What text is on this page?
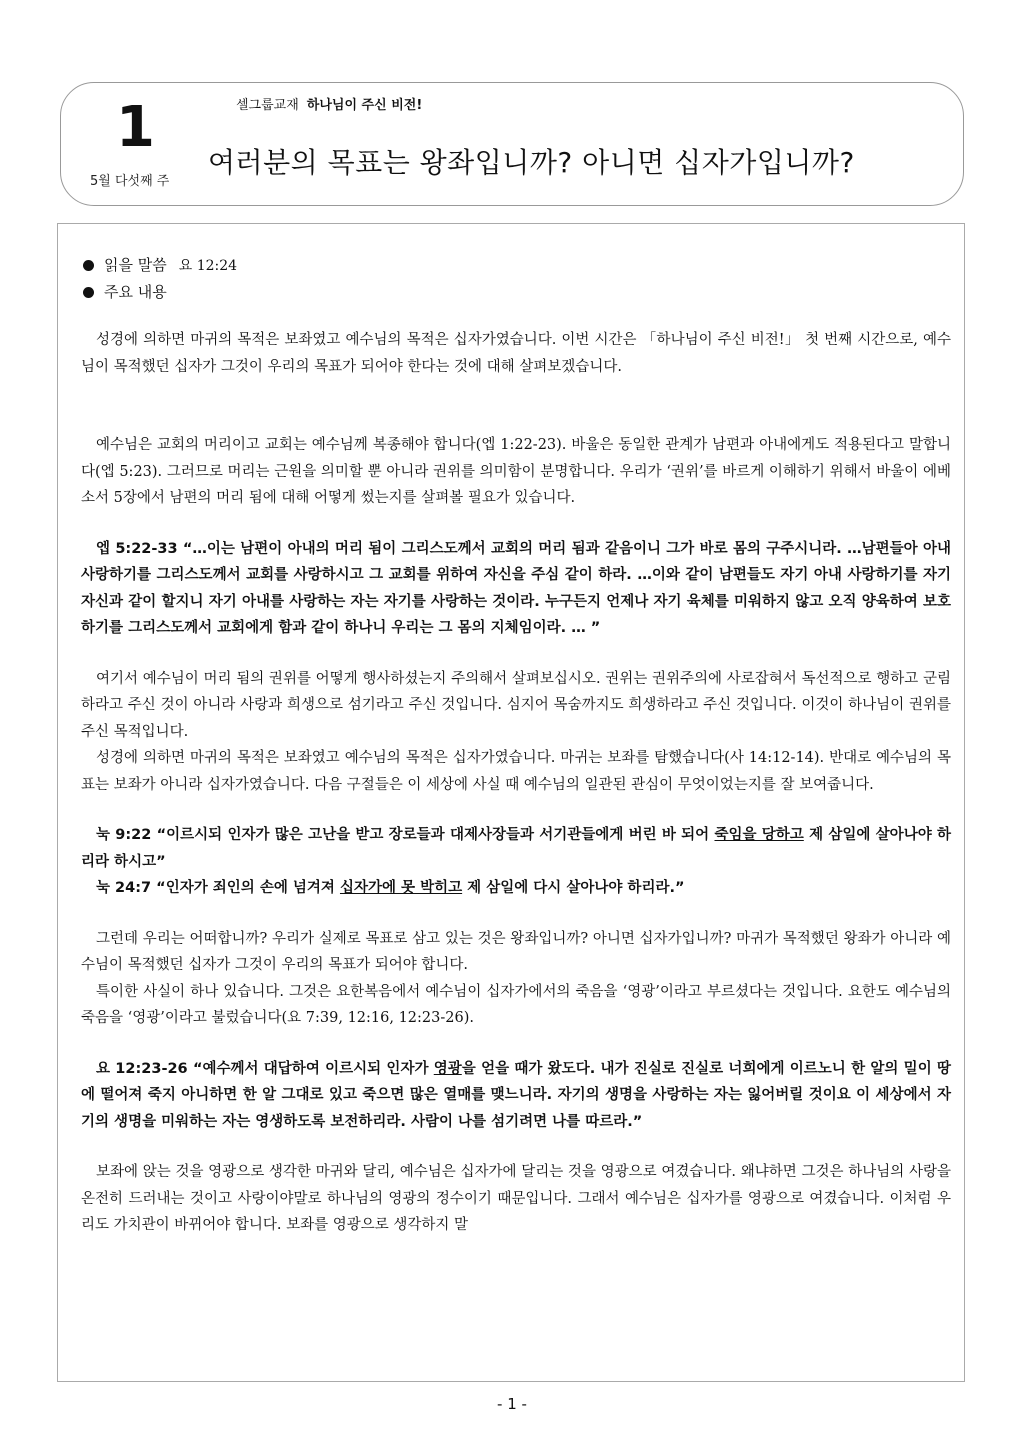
1
5월 다섯째 주
셀그룹교재 하나님이 주신 비전!
여러분의 목표는 왕좌입니까? 아니면 십자가입니까?
읽을 말씀 요 12:24
주요 내용

성경에 의하면 마귀의 목적은 보좌였고 예수님의 목적은 십자가였습니다. 이번 시간은 「하나님이 주신 비전!」 첫 번째 시간으로, 예수님이 목적했던 십자가 그것이 우리의 목표가 되어야 한다는 것에 대해 살펴보겠습니다.

예수님은 교회의 머리이고 교회는 예수님께 복종해야 합니다(엡 1:22-23). 바울은 동일한 관계가 남편과 아내에게도 적용된다고 말합니다(엡 5:23). 그러므로 머리는 근원을 의미할 뿐 아니라 권위를 의미함이 분명합니다. 우리가 ‘권위’를 바르게 이해하기 위해서 바울이 에베소서 5장에서 남편의 머리 됨에 대해 어떻게 썼는지를 살펴볼 필요가 있습니다.

엡 5:22-33 “…이는 남편이 아내의 머리 됨이 그리스도께서 교회의 머리 됨과 같음이니 그가 바로 몸의 구주시니라. …남편들아 아내 사랑하기를 그리스도께서 교회를 사랑하시고 그 교회를 위하여 자신을 주심 같이 하라. …이와 같이 남편들도 자기 아내 사랑하기를 자기 자신과 같이 할지니 자기 아내를 사랑하는 자는 자기를 사랑하는 것이라. 누구든지 언제나 자기 육체를 미워하지 않고 오직 양육하여 보호하기를 그리스도께서 교회에게 함과 같이 하나니 우리는 그 몸의 지체임이라. … ”

여기서 예수님이 머리 됨의 권위를 어떻게 행사하셨는지 주의해서 살펴보십시오. 권위는 권위주의에 사로잡혀서 독선적으로 행하고 군림하라고 주신 것이 아니라 사랑과 희생으로 섬기라고 주신 것입니다. 심지어 목숨까지도 희생하라고 주신 것입니다. 이것이 하나님이 권위를 주신 목적입니다.

성경에 의하면 마귀의 목적은 보좌였고 예수님의 목적은 십자가였습니다. 마귀는 보좌를 탐했습니다(사 14:12-14). 반대로 예수님의 목표는 보좌가 아니라 십자가였습니다. 다음 구절들은 이 세상에 사실 때 예수님의 일관된 관심이 무엇이었는지를 잘 보여줍니다.

눅 9:22 “이르시되 인자가 많은 고난을 받고 장로들과 대제사장들과 서기관들에게 버린 바 되어 죽임을 당하고 제 삼일에 살아나야 하리라 하시고”

눅 24:7 “인자가 죄인의 손에 넘겨져 십자가에 못 박히고 제 삼일에 다시 살아나야 하리라.”

그런데 우리는 어떠합니까? 우리가 실제로 목표로 삼고 있는 것은 왕좌입니까? 아니면 십자가입니까? 마귀가 목적했던 왕좌가 아니라 예수님이 목적했던 십자가 그것이 우리의 목표가 되어야 합니다.

특이한 사실이 하나 있습니다. 그것은 요한복음에서 예수님이 십자가에서의 죽음을 ‘영광’이라고 부르셨다는 것입니다. 요한도 예수님의 죽음을 ‘영광’이라고 불렀습니다(요 7:39, 12:16, 12:23-26).

요 12:23-26 “예수께서 대답하여 이르시되 인자가 영광을 얻을 때가 왔도다. 내가 진실로 진실로 너희에게 이르노니 한 알의 밀이 땅에 떨어져 죽지 아니하면 한 알 그대로 있고 죽으면 많은 열매를 맺느니라. 자기의 생명을 사랑하는 자는 잃어버릴 것이요 이 세상에서 자기의 생명을 미워하는 자는 영생하도록 보전하리라. 사람이 나를 섬기려면 나를 따르라.”

보좌에 앉는 것을 영광으로 생각한 마귀와 달리, 예수님은 십자가에 달리는 것을 영광으로 여겼습니다. 왜냐하면 그것은 하나님의 사랑을 온전히 드러내는 것이고 사랑이야말로 하나님의 영광의 정수이기 때문입니다. 그래서 예수님은 십자가를 영광으로 여겼습니다. 이처럼 우리도 가치관이 바뀌어야 합니다. 보좌를 영광으로 생각하지 말

- 1 -
